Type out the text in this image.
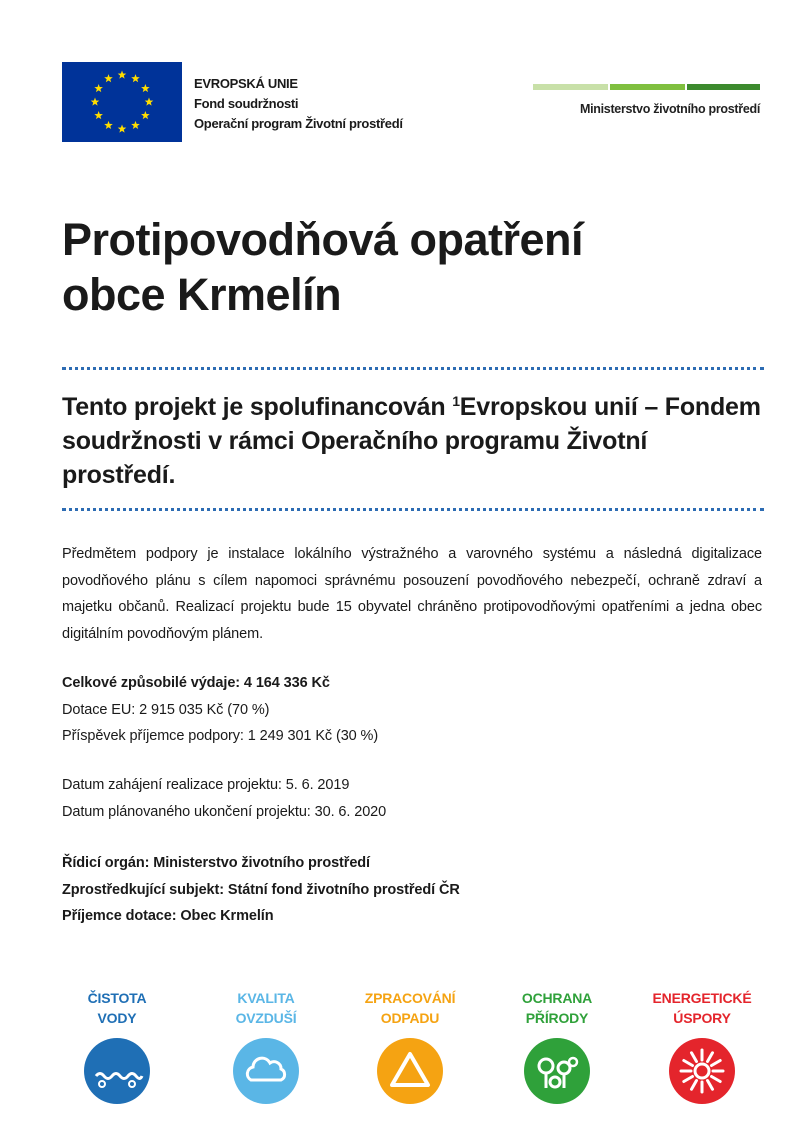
EVROPSKÁ UNIE
Fond soudržnosti
Operační program Životní prostředí
Ministerstvo životního prostředí
Protipovodňová opatření
obce Krmelín
Tento projekt je spolufinancován $^1$Evropskou unií – Fondem soudržnosti v rámci Operačního programu Životní prostředí.

Předmětem podpory je instalace lokálního výstražného a varovného systému a následná digitalizace povodňového plánu s cílem napomoci správnému posouzení povodňového nebezpečí, ochraně zdraví a majetku občanů. Realizací projektu bude 15 obyvatel chráněno protipovodňovými opatřeními a jedna obec digitálním povodňovým plánem.

Celkové způsobilé výdaje: 4 164 336 Kč
Dotace EU: 2 915 035 Kč (70 %)
Příspěvek příjemce podpory: 1 249 301 Kč (30 %)
Datum zahájení realizace projektu: 5. 6. 2019
Datum plánovaného ukončení projektu: 30. 6. 2020
Řídicí orgán: Ministerstvo životního prostředí
Zprostředkující subjekt: Státní fond životního prostředí ČR
Příjemce dotace: Obec Krmelín
ČISTOTA
VODY
KVALITA
OVZDUŠÍ
ZPRACOVÁNÍ
ODPADU
OCHRANA
PŘÍRODY
ENERGETICKÉ
ÚSPORY
